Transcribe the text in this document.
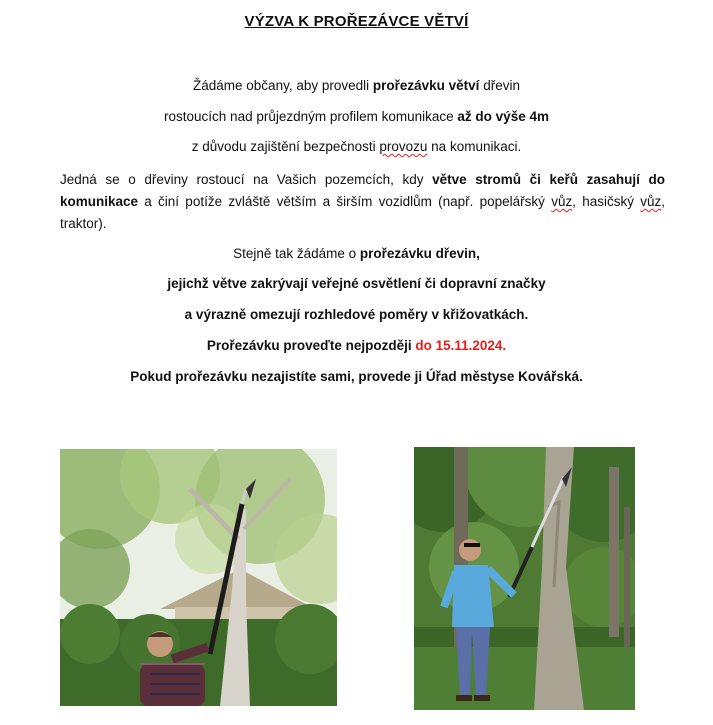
VÝZVA K PROŘEZÁVCE VĚTVÍ
Žádáme občany, aby provedli prořezávku větví dřevin
rostoucích nad průjezdným profilem komunikace až do výše 4m
z důvodu zajištění bezpečnosti provozu na komunikaci.
Jedná se o dřeviny rostoucí na Vašich pozemcích, kdy větve stromů či keřů zasahují do komunikace a činí potíže zvláště větším a širším vozidlům (např. popelářský vůz, hasičský vůz, traktor).
Stejně tak žádáme o prořezávku dřevin,
jejichž větve zakrývají veřejné osvětlení či dopravní značky
a výrazně omezují rozhledové poměry v křižovatkách.
Prořezávku proveďte nejpozději do 15.11.2024.
Pokud prořezávku nezajistíte sami, provede ji Úřad městyse Kovářská.
